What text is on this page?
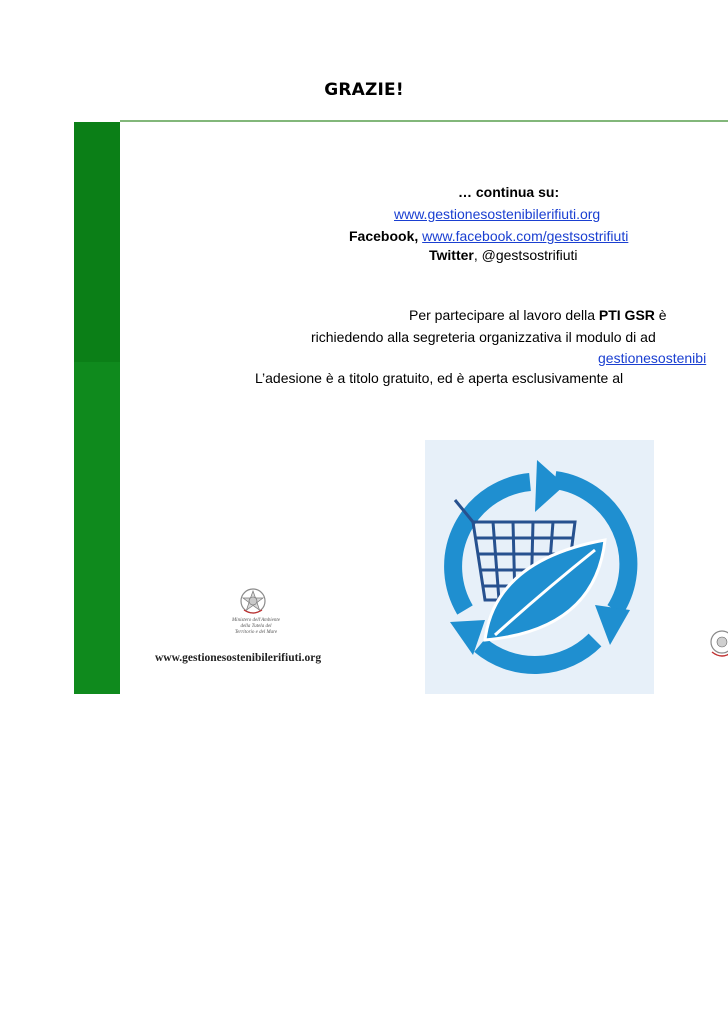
GRAZIE!
… continua su:
www.gestionesostenibilerifiuti.org
Facebook, www.facebook.com/gestsostrifiuti
Twitter, @gestsostrifiuti
Per partecipare al lavoro della PTI GSR è
richiedendo alla segreteria organizzativa il modulo di ad
gestionesostenibi
L’adesione è a titolo gratuito, ed è aperta esclusivamente al
Ministero dell'Ambiente della Tutela del Territorio e del Mare
www.gestionesostenibilerifiuti.org
